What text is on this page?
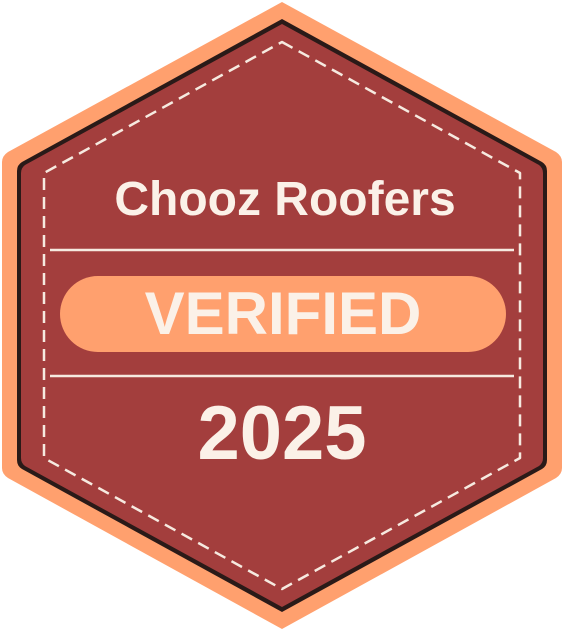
Chooz Roofers
VERIFIED
2025
